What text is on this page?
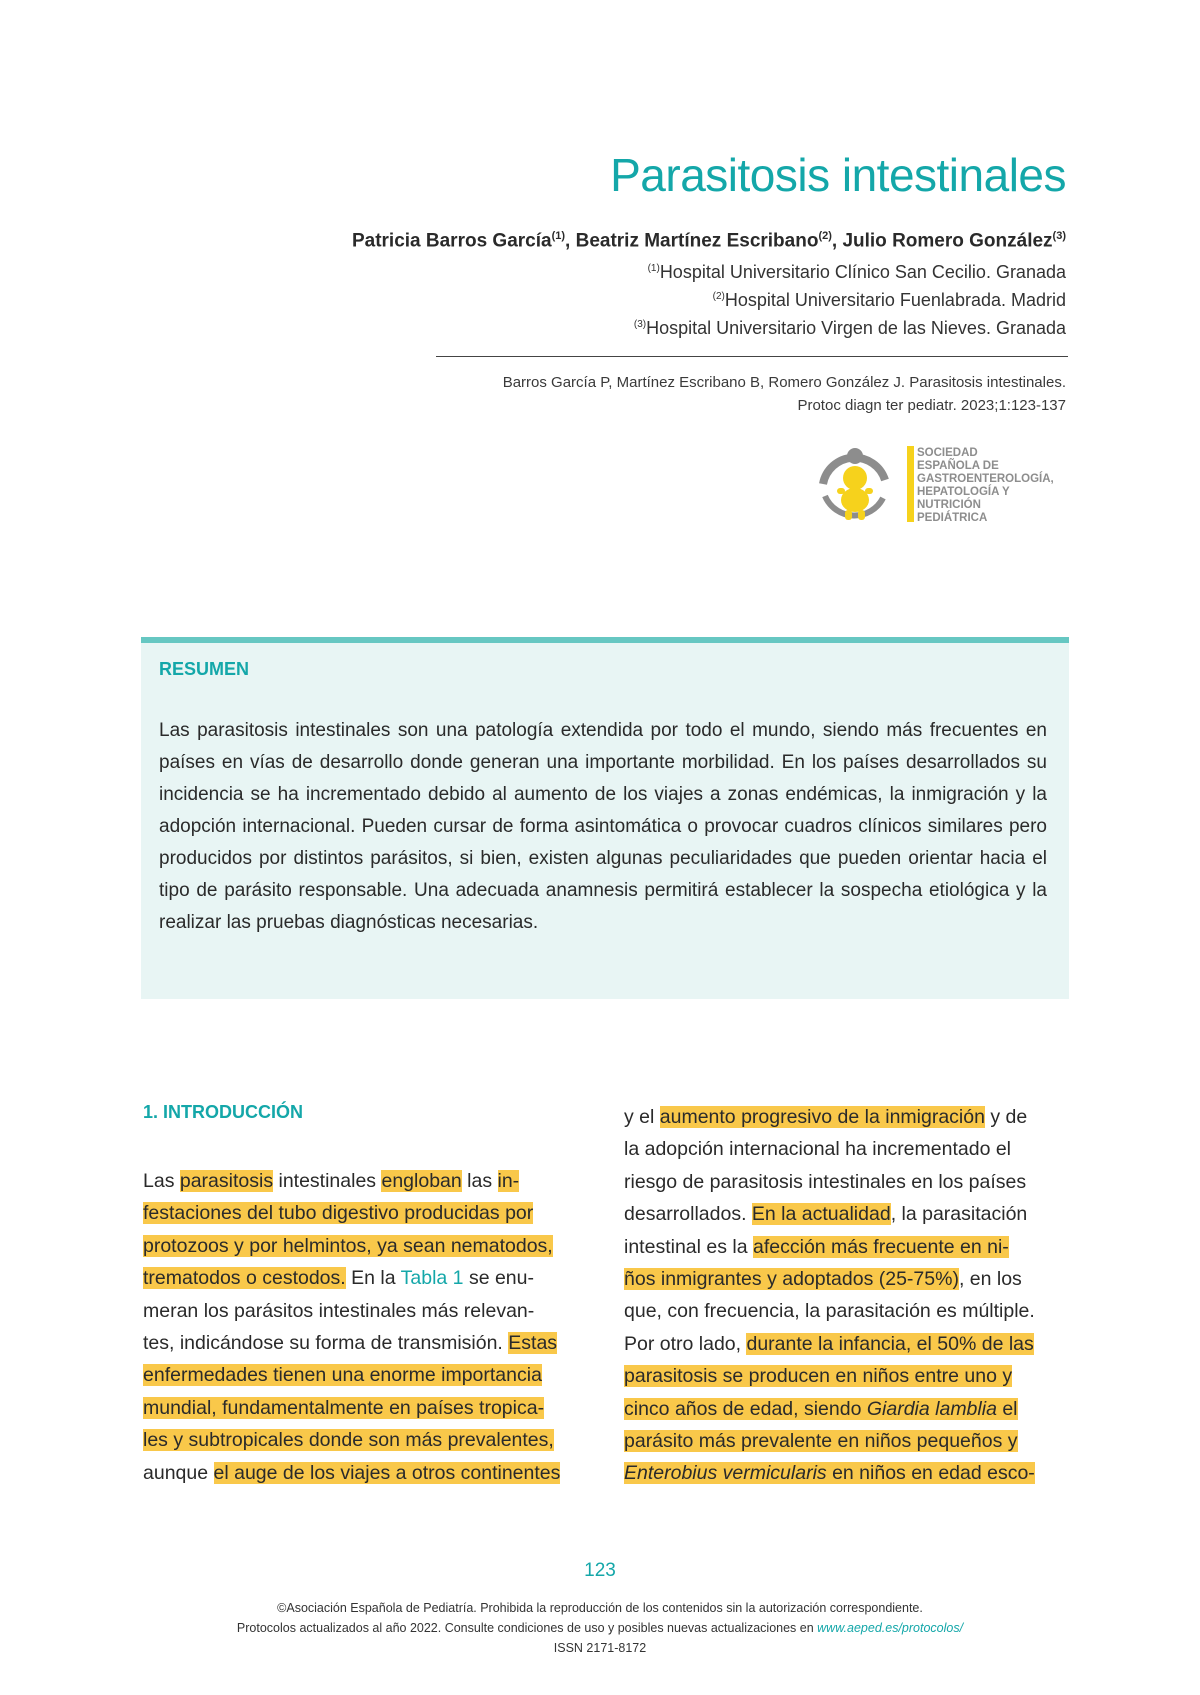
Parasitosis intestinales
Patricia Barros García$^{(1)}$, Beatriz Martínez Escribano$^{(2)}$, Julio Romero González$^{(3)}$
$^{(1)}$Hospital Universitario Clínico San Cecilio. Granada
$^{(2)}$Hospital Universitario Fuenlabrada. Madrid
$^{(3)}$Hospital Universitario Virgen de las Nieves. Granada
Barros García P, Martínez Escribano B, Romero González J. Parasitosis intestinales.
Protoc diagn ter pediatr. 2023;1:123-137
SOCIEDAD
ESPAÑOLA DE
GASTROENTEROLOGÍA,
HEPATOLOGÍA Y
NUTRICIÓN
PEDIÁTRICA
RESUMEN
Las parasitosis intestinales son una patología extendida por todo el mundo, siendo más frecuentes en países en vías de desarrollo donde generan una importante morbilidad. En los países desarrollados su incidencia se ha incrementado debido al aumento de los viajes a zonas endémicas, la inmigración y la adopción internacional. Pueden cursar de forma asintomática o provocar cuadros clínicos similares pero producidos por distintos parásitos, si bien, existen algunas peculiaridades que pueden orientar hacia el tipo de parásito responsable. Una adecuada anamnesis permitirá establecer la sospecha etiológica y la realizar las pruebas diagnósticas necesarias.
1. INTRODUCCIÓN
Las parasitosis intestinales engloban las in-
festaciones del tubo digestivo producidas por
protozoos y por helmintos, ya sean nematodos,
trematodos o cestodos. En la Tabla 1 se enu-
meran los parásitos intestinales más relevan-
tes, indicándose su forma de transmisión. Estas
enfermedades tienen una enorme importancia
mundial, fundamentalmente en países tropica-
les y subtropicales donde son más prevalentes,
aunque el auge de los viajes a otros continentes
y el aumento progresivo de la inmigración y de
la adopción internacional ha incrementado el
riesgo de parasitosis intestinales en los países
desarrollados. En la actualidad, la parasitación
intestinal es la afección más frecuente en ni-
ños inmigrantes y adoptados (25-75%), en los
que, con frecuencia, la parasitación es múltiple.
Por otro lado, durante la infancia, el 50% de las
parasitosis se producen en niños entre uno y
cinco años de edad, siendo Giardia lamblia el
parásito más prevalente en niños pequeños y
Enterobius vermicularis en niños en edad esco-
123
©Asociación Española de Pediatría. Prohibida la reproducción de los contenidos sin la autorización correspondiente.
Protocolos actualizados al año 2022. Consulte condiciones de uso y posibles nuevas actualizaciones en www.aeped.es/protocolos/
ISSN 2171-8172
